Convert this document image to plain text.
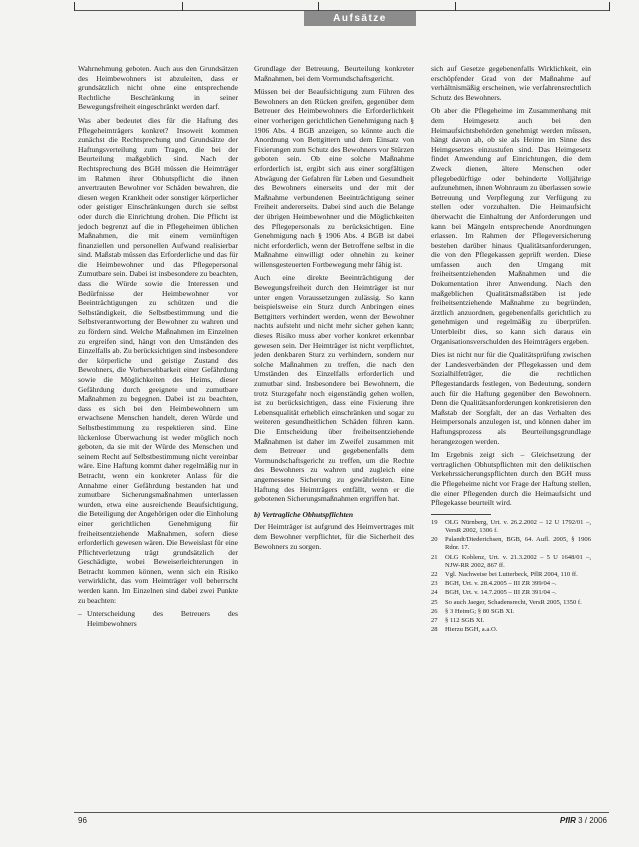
Aufsätze

Wahrnehmung geboten. Auch aus den Grundsätzen des Heimbewohners ist abzuleiten, dass er grundsätzlich nicht ohne eine entsprechende Rechtliche Beschränkung in seiner Bewegungsfreiheit eingeschränkt werden darf.

Was aber bedeutet dies für die Haftung des Pflegeheimträgers konkret? Insoweit kommen zunächst die Rechtsprechung und Grundsätze der Haftungsverteilung zum Tragen, die bei der Beurteilung maßgeblich sind. Nach der Rechtsprechung des BGH müssen die Heimträger im Rahmen ihrer Obhutspflicht die ihnen anvertrauten Bewohner vor Schäden bewahren, die diesen wegen Krankheit oder sonstiger körperlicher oder geistiger Einschränkungen durch sie selbst oder durch die Einrichtung drohen. Die Pflicht ist jedoch begrenzt auf die in Pflegeheimen üblichen Maßnahmen, die mit einem vernünftigen finanziellen und personellen Aufwand realisierbar sind. Maßstab müssen das Erforderliche und das für die Heimbewohner und das Pflegepersonal Zumutbare sein. Dabei ist insbesondere zu beachten, dass die Würde sowie die Interessen und Bedürfnisse der Heimbewohner vor Beeinträchtigungen zu schützen und die Selbständigkeit, die Selbstbestimmung und die Selbstverantwortung der Bewohner zu wahren und zu fördern sind. Welche Maßnahmen im Einzelnen zu ergreifen sind, hängt von den Umständen des Einzelfalls ab. Zu berücksichtigen sind insbesondere der körperliche und geistige Zustand des Bewohners, die Vorhersehbarkeit einer Gefährdung sowie die Möglichkeiten des Heims, dieser Gefährdung durch geeignete und zumutbare Maßnahmen zu begegnen. Dabei ist zu beachten, dass es sich bei den Heimbewohnern um erwachsene Menschen handelt, deren Würde und Selbstbestimmung zu respektieren sind. Eine lückenlose Überwachung ist weder möglich noch geboten, da sie mit der Würde des Menschen und seinem Recht auf Selbstbestimmung nicht vereinbar wäre. Eine Haftung kommt daher regelmäßig nur in Betracht, wenn ein konkreter Anlass für die Annahme einer Gefährdung bestanden hat und zumutbare Sicherungsmaßnahmen unterlassen wurden, etwa eine ausreichende Beaufsichtigung, die Beteiligung der Angehörigen oder die Einholung einer gerichtlichen Genehmigung für freiheitsentziehende Maßnahmen, sofern diese erforderlich gewesen wären. Die Beweislast für eine Pflichtverletzung trägt grundsätzlich der Geschädigte, wobei Beweiserleichterungen in Betracht kommen können, wenn sich ein Risiko verwirklicht, das vom Heimträger voll beherrscht werden kann. Im Einzelnen sind dabei zwei Punkte zu beachten:

– Unterscheidung des Betreuers des Heimbewohners

Grundlage der Betreuung, Beurteilung konkreter Maßnahmen, bei dem Vormundschaftsgericht.

Müssen bei der Beaufsichtigung zum Führen des Bewohners an den Rücken greifen, gegenüber dem Betreuer des Heimbewohners die Erforderlichkeit einer vorherigen gerichtlichen Genehmigung nach § 1906 Abs. 4 BGB anzeigen, so könnte auch die Anordnung von Bettgittern und dem Einsatz von Fixierungen zum Schutz des Bewohners vor Stürzen geboten sein. Ob eine solche Maßnahme erforderlich ist, ergibt sich aus einer sorgfältigen Abwägung der Gefahren für Leben und Gesundheit des Bewohners einerseits und der mit der Maßnahme verbundenen Beeinträchtigung seiner Freiheit andererseits. Dabei sind auch die Belange der übrigen Heimbewohner und die Möglichkeiten des Pflegepersonals zu berücksichtigen. Eine Genehmigung nach § 1906 Abs. 4 BGB ist dabei nicht erforderlich, wenn der Betroffene selbst in die Maßnahme einwilligt oder ohnehin zu keiner willensgesteuerten Fortbewegung mehr fähig ist.

Auch eine direkte Beeinträchtigung der Bewegungsfreiheit durch den Heimträger ist nur unter engen Voraussetzungen zulässig. So kann beispielsweise ein Sturz durch Anbringen eines Bettgitters verhindert werden, wenn der Bewohner nachts aufsteht und nicht mehr sicher gehen kann; dieses Risiko muss aber vorher konkret erkennbar gewesen sein. Der Heimträger ist nicht verpflichtet, jeden denkbaren Sturz zu verhindern, sondern nur solche Maßnahmen zu treffen, die nach den Umständen des Einzelfalls erforderlich und zumutbar sind. Insbesondere bei Bewohnern, die trotz Sturzgefahr noch eigenständig gehen wollen, ist zu berücksichtigen, dass eine Fixierung ihre Lebensqualität erheblich einschränken und sogar zu weiteren gesundheitlichen Schäden führen kann. Die Entscheidung über freiheitsentziehende Maßnahmen ist daher im Zweifel zusammen mit dem Betreuer und gegebenenfalls dem Vormundschaftsgericht zu treffen, um die Rechte des Bewohners zu wahren und zugleich eine angemessene Sicherung zu gewährleisten. Eine Haftung des Heimträgers entfällt, wenn er die gebotenen Sicherungsmaßnahmen ergriffen hat.

b) Vertragliche Obhutspflichten

Der Heimträger ist aufgrund des Heimvertrages mit dem Bewohner verpflichtet, für die Sicherheit des Bewohners zu sorgen.

sich auf Gesetze gegebenenfalls Wirklichkeit, ein erschöpfender Grad von der Maßnahme auf verhältnismäßig erscheinen, wie verfahrensrechtlich Schutz des Bewohners.

Ob aber die Pflegeheime im Zusammenhang mit dem Heimgesetz auch bei den Heimaufsichtsbehörden genehmigt werden müssen, hängt davon ab, ob sie als Heime im Sinne des Heimgesetzes einzustufen sind. Das Heimgesetz findet Anwendung auf Einrichtungen, die dem Zweck dienen, ältere Menschen oder pflegebedürftige oder behinderte Volljährige aufzunehmen, ihnen Wohnraum zu überlassen sowie Betreuung und Verpflegung zur Verfügung zu stellen oder vorzuhalten. Die Heimaufsicht überwacht die Einhaltung der Anforderungen und kann bei Mängeln entsprechende Anordnungen erlassen. Im Rahmen der Pflegeversicherung bestehen darüber hinaus Qualitätsanforderungen, die von den Pflegekassen geprüft werden. Diese umfassen auch den Umgang mit freiheitsentziehenden Maßnahmen und die Dokumentation ihrer Anwendung. Nach den maßgeblichen Qualitätsmaßstäben ist jede freiheitsentziehende Maßnahme zu begründen, ärztlich anzuordnen, gegebenenfalls gerichtlich zu genehmigen und regelmäßig zu überprüfen. Unterbleibt dies, so kann sich daraus ein Organisationsverschulden des Heimträgers ergeben.

Dies ist nicht nur für die Qualitätsprüfung zwischen der Landesverbänden der Pflegekassen und dem Sozialhilfeträger, die die rechtlichen Pflegestandards festlegen, von Bedeutung, sondern auch für die Haftung gegenüber den Bewohnern. Denn die Qualitätsanforderungen konkretisieren den Maßstab der Sorgfalt, der an das Verhalten des Heimpersonals anzulegen ist, und können daher im Haftungsprozess als Beurteilungsgrundlage herangezogen werden.

Im Ergebnis zeigt sich – Gleichsetzung der vertraglichen Obhutspflichten mit den deliktischen Verkehrssicherungspflichten durch den BGH muss die Pflegeheime nicht vor Frage der Haftung stellen, die einer Pflegenden durch die Heimaufsicht und Pflegekasse beurteilt wird.

19	OLG Nürnberg, Urt. v. 26.2.2002 – 12 U 1792/01 –, VersR 2002, 1306 f.
20	Palandt/Diederichsen, BGB, 64. Aufl. 2005, § 1906 Rdnr. 17.
21	OLG Koblenz, Urt. v. 21.3.2002 – 5 U 1648/01 –, NJW-RR 2002, 867 ff.
22	Vgl. Nachweise bei Lutterbeck, PflR 2004, 110 ff.
23	BGH, Urt. v. 28.4.2005 – III ZR 399/04 –.
24	BGH, Urt. v. 14.7.2005 – III ZR 391/04 –.
25	So auch Jaeger, Schadensrecht, VersR 2005, 1350 f.
26	§ 3 HeimG; § 80 SGB XI.
27	§ 112 SGB XI.
28	Hierzu BGH, a.a.O.
96	PfIR 3 / 2006
